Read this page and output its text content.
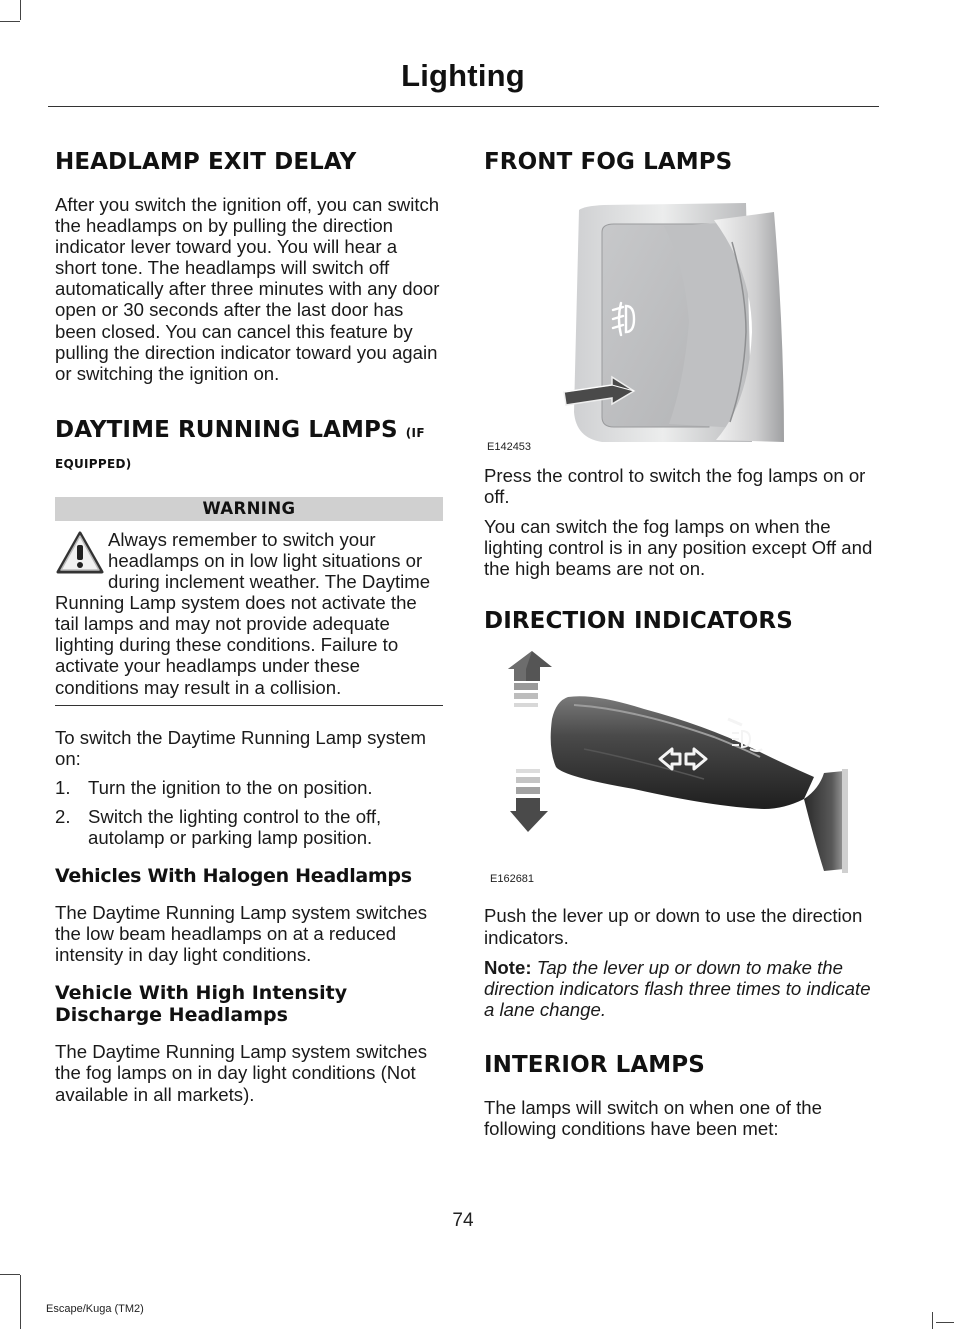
Lighting
HEADLAMP EXIT DELAY

After you switch the ignition off, you can switch the headlamps on by pulling the direction indicator lever toward you. You will hear a short tone. The headlamps will switch off automatically after three minutes with any door open or 30 seconds after the last door has been closed. You can cancel this feature by pulling the direction indicator toward you again or switching the ignition on.

DAYTIME RUNNING LAMPS (IF
EQUIPPED)
WARNING
Always remember to switch your headlamps on in low light situations or during inclement weather. The Daytime Running Lamp system does not activate the tail lamps and may not provide adequate lighting during these conditions. Failure to activate your headlamps under these conditions may result in a collision.

To switch the Daytime Running Lamp system on:

1. Turn the ignition to the on position.
2. Switch the lighting control to the off, autolamp or parking lamp position.
Vehicles With Halogen Headlamps

The Daytime Running Lamp system switches the low beam headlamps on at a reduced intensity in day light conditions.

Vehicle With High Intensity Discharge Headlamps

The Daytime Running Lamp system switches the fog lamps on in day light conditions (Not available in all markets).

FRONT FOG LAMPS
E142453

Press the control to switch the fog lamps on or off.

You can switch the fog lamps on when the lighting control is in any position except Off and the high beams are not on.

DIRECTION INDICATORS
E162681

Push the lever up or down to use the direction indicators.

Note: Tap the lever up or down to make the direction indicators flash three times to indicate a lane change.

INTERIOR LAMPS

The lamps will switch on when one of the following conditions have been met:

74
Escape/Kuga (TM2)
